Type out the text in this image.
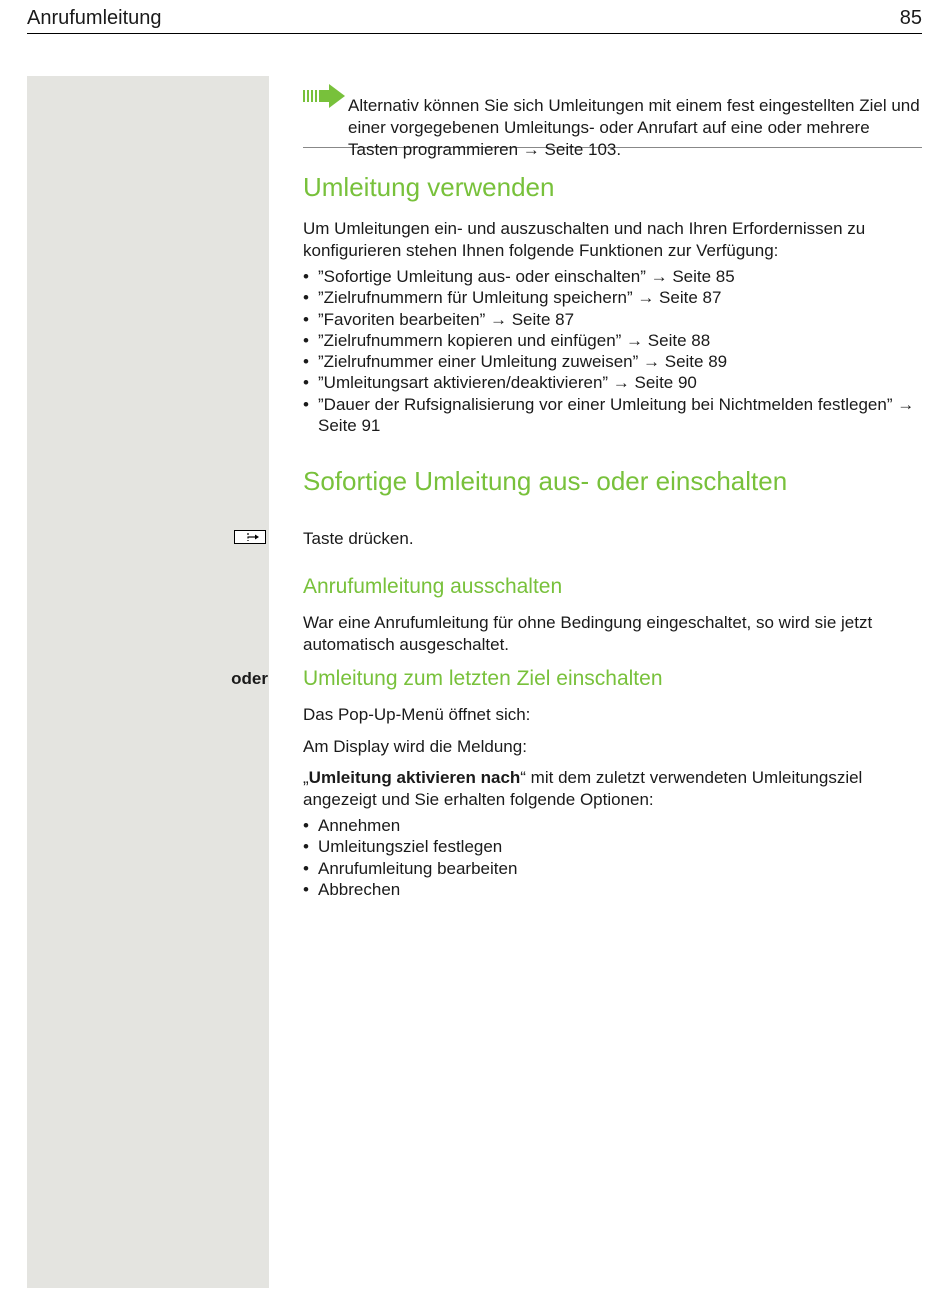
Anrufumleitung	85

Alternativ können Sie sich Umleitungen mit einem fest eingestellten Ziel und einer vorgegebenen Umleitungs- oder Anrufart auf eine oder mehrere Tasten programmieren → Seite 103.

Umleitung verwenden

Um Umleitungen ein- und auszuschalten und nach Ihren Erfordernissen zu konfigurieren stehen Ihnen folgende Funktionen zur Verfügung:

• ”Sofortige Umleitung aus- oder einschalten” → Seite 85
• ”Zielrufnummern für Umleitung speichern” → Seite 87
• ”Favoriten bearbeiten” → Seite 87
• ”Zielrufnummern kopieren und einfügen” → Seite 88
• ”Zielrufnummer einer Umleitung zuweisen” → Seite 89
• ”Umleitungsart aktivieren/deaktivieren” → Seite 90
• ”Dauer der Rufsignalisierung vor einer Umleitung bei Nichtmelden festlegen” → Seite 91
Sofortige Umleitung aus- oder einschalten

Taste drücken.

Anrufumleitung ausschalten

War eine Anrufumleitung für ohne Bedingung eingeschaltet, so wird sie jetzt automatisch ausgeschaltet.

oder Umleitung zum letzten Ziel einschalten

Das Pop-Up-Menü öffnet sich:

Am Display wird die Meldung:

„Umleitung aktivieren nach“ mit dem zuletzt verwendeten Umleitungsziel angezeigt und Sie erhalten folgende Optionen:

• Annehmen
• Umleitungsziel festlegen
• Anrufumleitung bearbeiten
• Abbrechen
